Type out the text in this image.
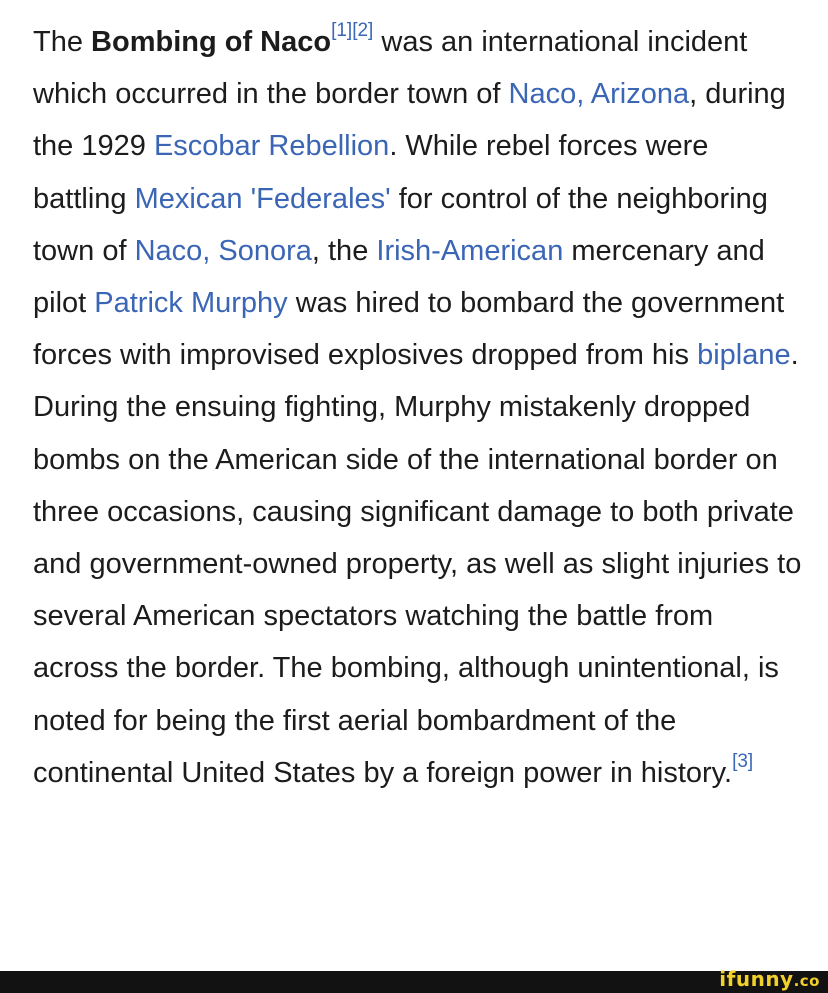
The Bombing of Naco[1][2] was an international incident which occurred in the border town of Naco, Arizona, during the 1929 Escobar Rebellion. While rebel forces were battling Mexican 'Federales' for control of the neighboring town of Naco, Sonora, the Irish-American mercenary and pilot Patrick Murphy was hired to bombard the government forces with improvised explosives dropped from his biplane. During the ensuing fighting, Murphy mistakenly dropped bombs on the American side of the international border on three occasions, causing significant damage to both private and government-owned property, as well as slight injuries to several American spectators watching the battle from across the border. The bombing, although unintentional, is noted for being the first aerial bombardment of the continental United States by a foreign power in history.[3]
ifunny.co
